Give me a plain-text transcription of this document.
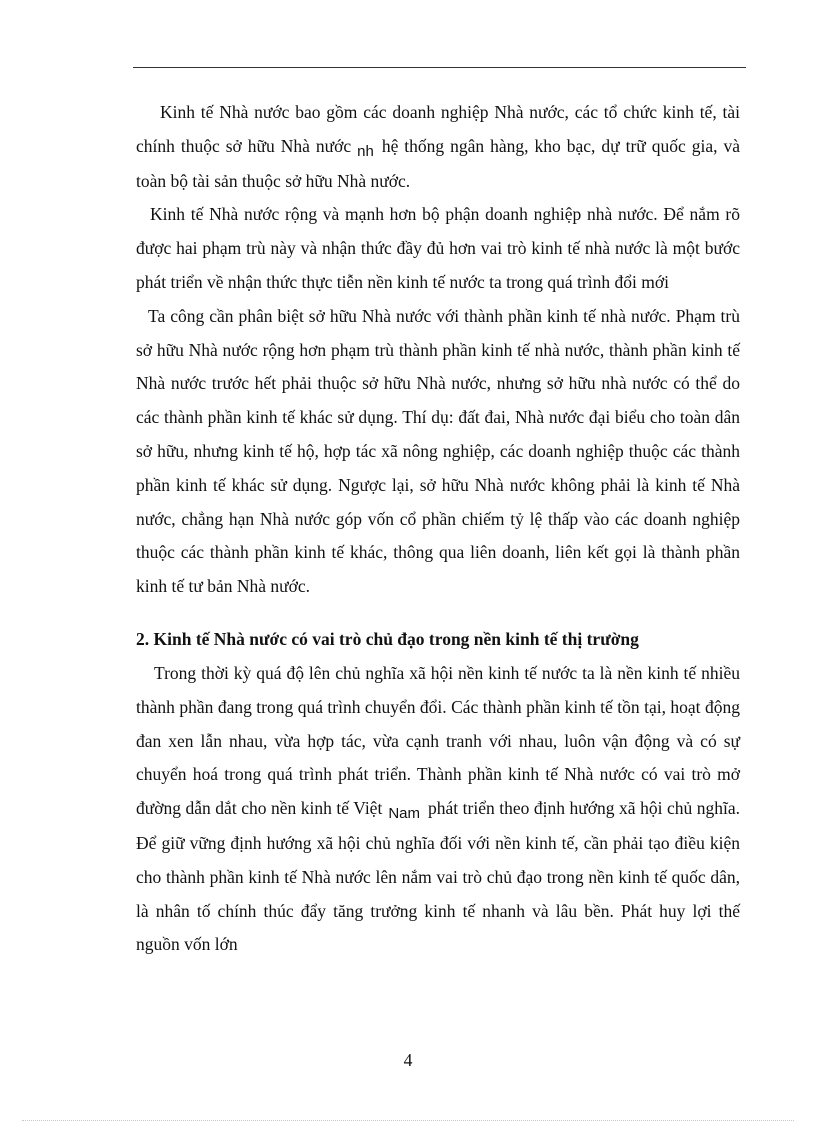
Kinh tế Nhà nước bao gồm các doanh nghiệp Nhà nước, các tổ chức kinh tế, tài chính thuộc sở hữu Nhà nước nh hệ thống ngân hàng, kho bạc, dự trữ quốc gia, và toàn bộ tài sản thuộc sở hữu Nhà nước.

Kinh tế Nhà nước rộng và mạnh hơn bộ phận doanh nghiệp nhà nước. Để nắm rõ được hai phạm trù này và nhận thức đầy đủ hơn vai trò kinh tế nhà nước là một bước phát triển về nhận thức thực tiễn nền kinh tế nước ta trong quá trình đổi mới

Ta công cần phân biệt sở hữu Nhà nước với thành phần kinh tế nhà nước. Phạm trù sở hữu Nhà nước rộng hơn phạm trù thành phần kinh tế nhà nước, thành phần kinh tế Nhà nước trước hết phải thuộc sở hữu Nhà nước, nhưng sở hữu nhà nước có thể do các thành phần kinh tế khác sử dụng. Thí dụ: đất đai, Nhà nước đại biểu cho toàn dân sở hữu, nhưng kinh tế hộ, hợp tác xã nông nghiệp, các doanh nghiệp thuộc các thành phần kinh tế khác sử dụng. Ngược lại, sở hữu Nhà nước không phải là kinh tế Nhà nước, chẳng hạn Nhà nước góp vốn cổ phần chiếm tỷ lệ thấp vào các doanh nghiệp thuộc các thành phần kinh tế khác, thông qua liên doanh, liên kết gọi là thành phần kinh tế tư bản Nhà nước.

2. Kinh tế Nhà nước có vai trò chủ đạo trong nền kinh tế thị trường

Trong thời kỳ quá độ lên chủ nghĩa xã hội nền kinh tế nước ta là nền kinh tế nhiều thành phần đang trong quá trình chuyển đổi. Các thành phần kinh tế tồn tại, hoạt động đan xen lẫn nhau, vừa hợp tác, vừa cạnh tranh với nhau, luôn vận động và có sự chuyển hoá trong quá trình phát triển. Thành phần kinh tế Nhà nước có vai trò mở đường dẫn dắt cho nền kinh tế Việt Nam phát triển theo định hướng xã hội chủ nghĩa. Để giữ vững định hướng xã hội chủ nghĩa đối với nền kinh tế, cần phải tạo điều kiện cho thành phần kinh tế Nhà nước lên nắm vai trò chủ đạo trong nền kinh tế quốc dân, là nhân tố chính thúc đẩy tăng trưởng kinh tế nhanh và lâu bền. Phát huy lợi thế nguồn vốn lớn

4
